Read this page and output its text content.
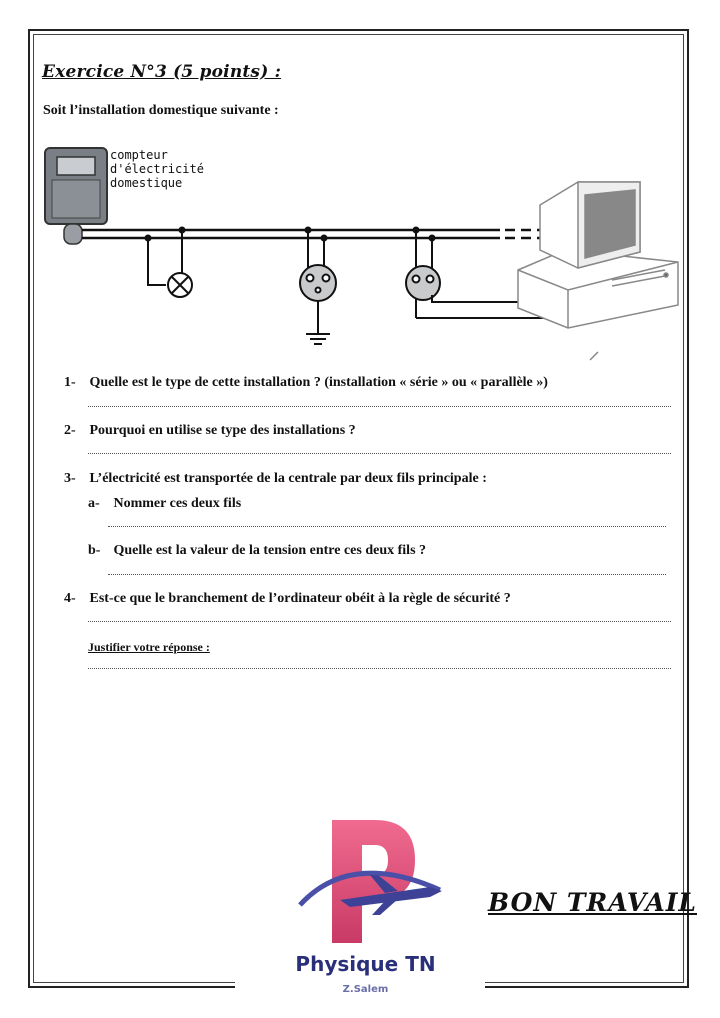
Exercice N°3 (5 points) :
Soit l’installation domestique suivante :
compteur
d'électricité
domestique
1- Quelle est le type de cette installation ? (installation « série » ou « parallèle »)
2- Pourquoi en utilise se type des installations ?
3- L’électricité est transportée de la centrale par deux fils principale :
a- Nommer ces deux fils
b- Quelle est la valeur de la tension entre ces deux fils ?
4- Est-ce que le branchement de l’ordinateur obéit à la règle de sécurité ?
Justifier votre réponse :
Physique TN
Z.Salem
BON TRAVAIL
